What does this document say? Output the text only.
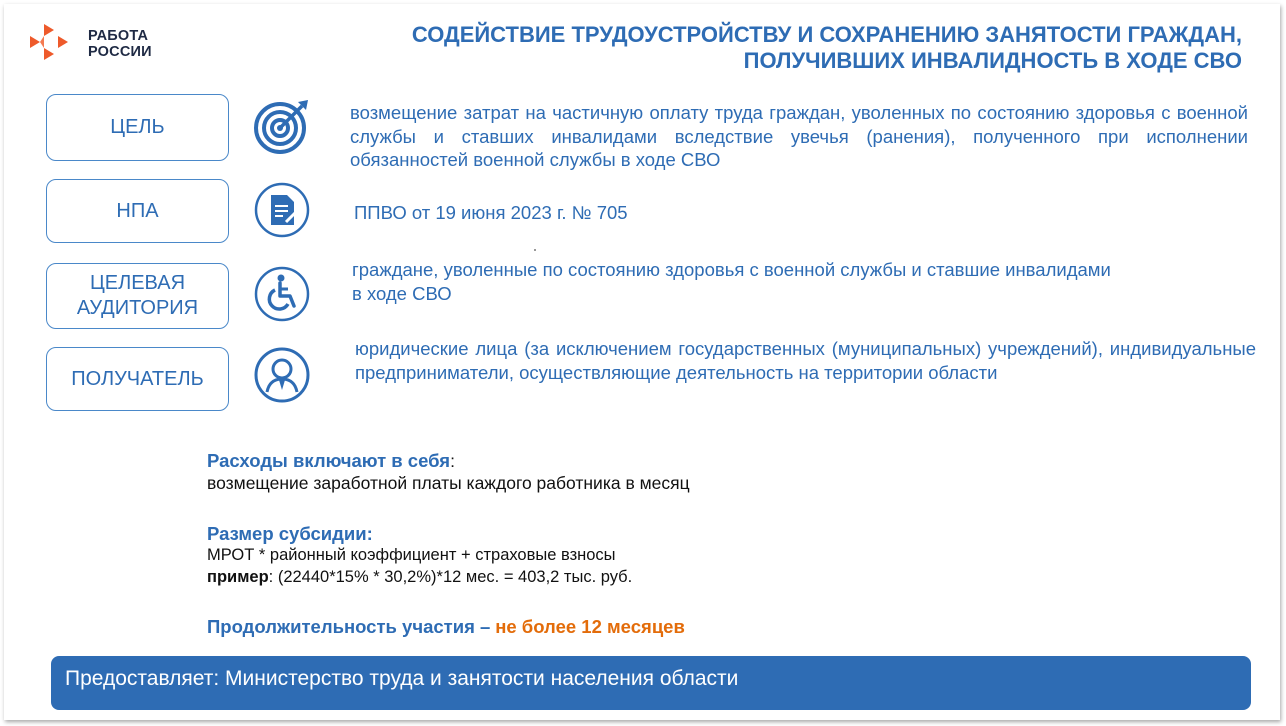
РАБОТА
РОССИИ
СОДЕЙСТВИЕ ТРУДОУСТРОЙСТВУ И СОХРАНЕНИЮ ЗАНЯТОСТИ ГРАЖДАН,
ПОЛУЧИВШИХ ИНВАЛИДНОСТЬ В ХОДЕ СВО
ЦЕЛЬ
возмещение затрат на частичную оплату труда граждан, уволенных по состоянию здоровья с военной службы и ставших инвалидами вследствие увечья (ранения), полученного при исполнении обязанностей военной службы в ходе СВО
НПА	ППВО от 19 июня 2023 г. № 705
ЦЕЛЕВАЯ
АУДИТОРИЯ
граждане, уволенные по состоянию здоровья с военной службы и ставшие инвалидами
в ходе СВО
ПОЛУЧАТЕЛЬ
юридические лица (за исключением государственных (муниципальных) учреждений), индивидуальные предприниматели, осуществляющие деятельность на территории области
Расходы включают в себя:
возмещение заработной платы каждого работника в месяц
Размер субсидии:
МРОТ * районный коэффициент + страховые взносы
пример: (22440*15% * 30,2%)*12 мес. = 403,2 тыс. руб.
Продолжительность участия – не более 12 месяцев
Предоставляет: Министерство труда и занятости населения области
